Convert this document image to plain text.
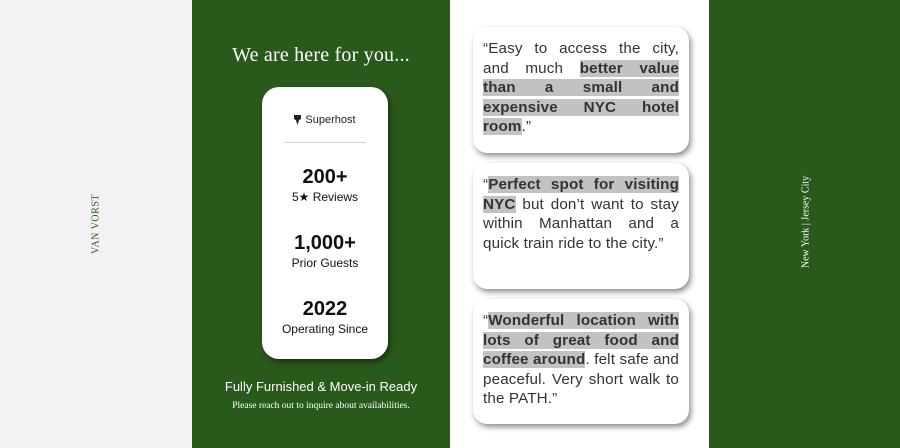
VAN VORST	New York | Jersey City
We are here for you...
Superhost
200+
5★ Reviews
1,000+
Prior Guests
2022
Operating Since
Fully Furnished & Move-in Ready
Please reach out to inquire about availabilities.
“Easy to access the city, and much better value than a small and expensive NYC hotel room.”
“Perfect spot for visiting NYC but don’t want to stay within Manhattan and a quick train ride to the city.”
“Wonderful location with lots of great food and coffee around. felt safe and peaceful. Very short walk to the PATH.”
